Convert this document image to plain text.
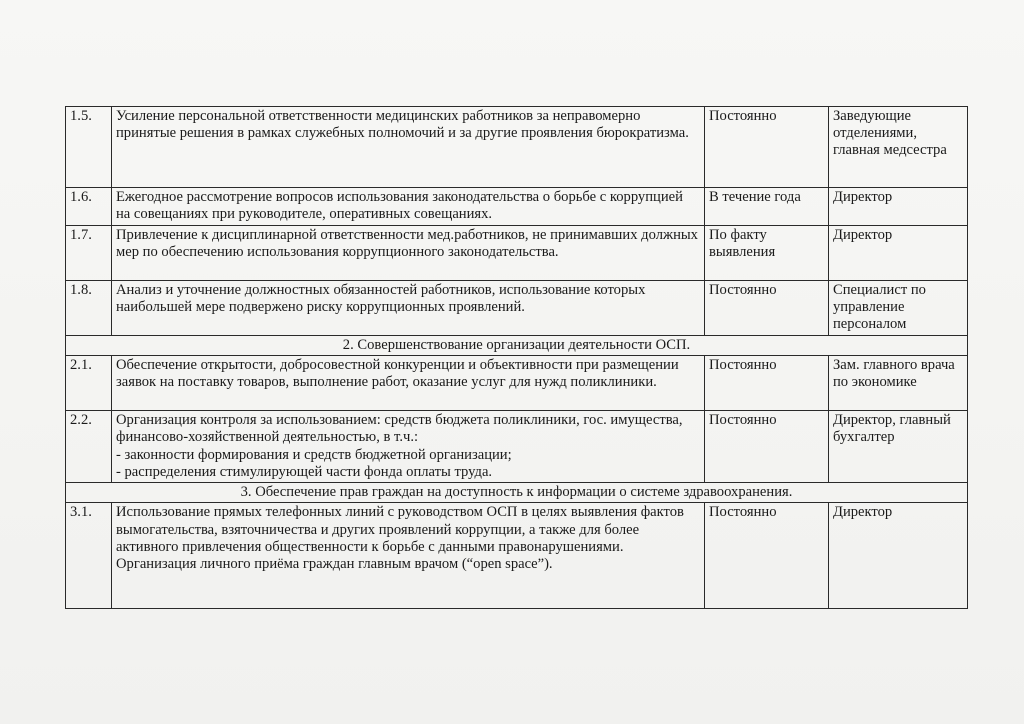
1.5.	Усиление персональной ответственности медицинских работников за неправомерно принятые решения в рамках служебных полномочий и за другие проявления бюрократизма.	Постоянно	Заведующие отделениями, главная медсестра
1.6.	Ежегодное рассмотрение вопросов использования законодательства о борьбе с коррупцией на совещаниях при руководителе, оперативных совещаниях.	В течение года	Директор
1.7.	Привлечение к дисциплинарной ответственности мед.работников, не принимавших должных мер по обеспечению использования коррупционного законодательства.	По факту выявления	Директор
1.8.	Анализ и уточнение должностных обязанностей работников, использование которых наибольшей мере подвержено риску коррупционных проявлений.	Постоянно	Специалист по управление персоналом
2. Совершенствование организации деятельности ОСП.			
2.1.	Обеспечение открытости, добросовестной конкуренции и объективности при размещении заявок на поставку товаров, выполнение работ, оказание услуг для нужд поликлиники.	Постоянно	Зам. главного врача по экономике
2.2.	Организация контроля за использованием: средств бюджета поликлиники, гос. имущества, финансово-хозяйственной деятельностью, в т.ч.:
- законности формирования и средств бюджетной организации;
- распределения стимулирующей части фонда оплаты труда.	Постоянно	Директор, главный бухгалтер
3. Обеспечение прав граждан на доступность к информации о системе здравоохранения.			
3.1.	Использование прямых телефонных линий с руководством ОСП в целях выявления фактов вымогательства, взяточничества и других проявлений коррупции, а также для более активного привлечения общественности к борьбе с данными правонарушениями. Организация личного приёма граждан главным врачом (“open space”).	Постоянно	Директор
